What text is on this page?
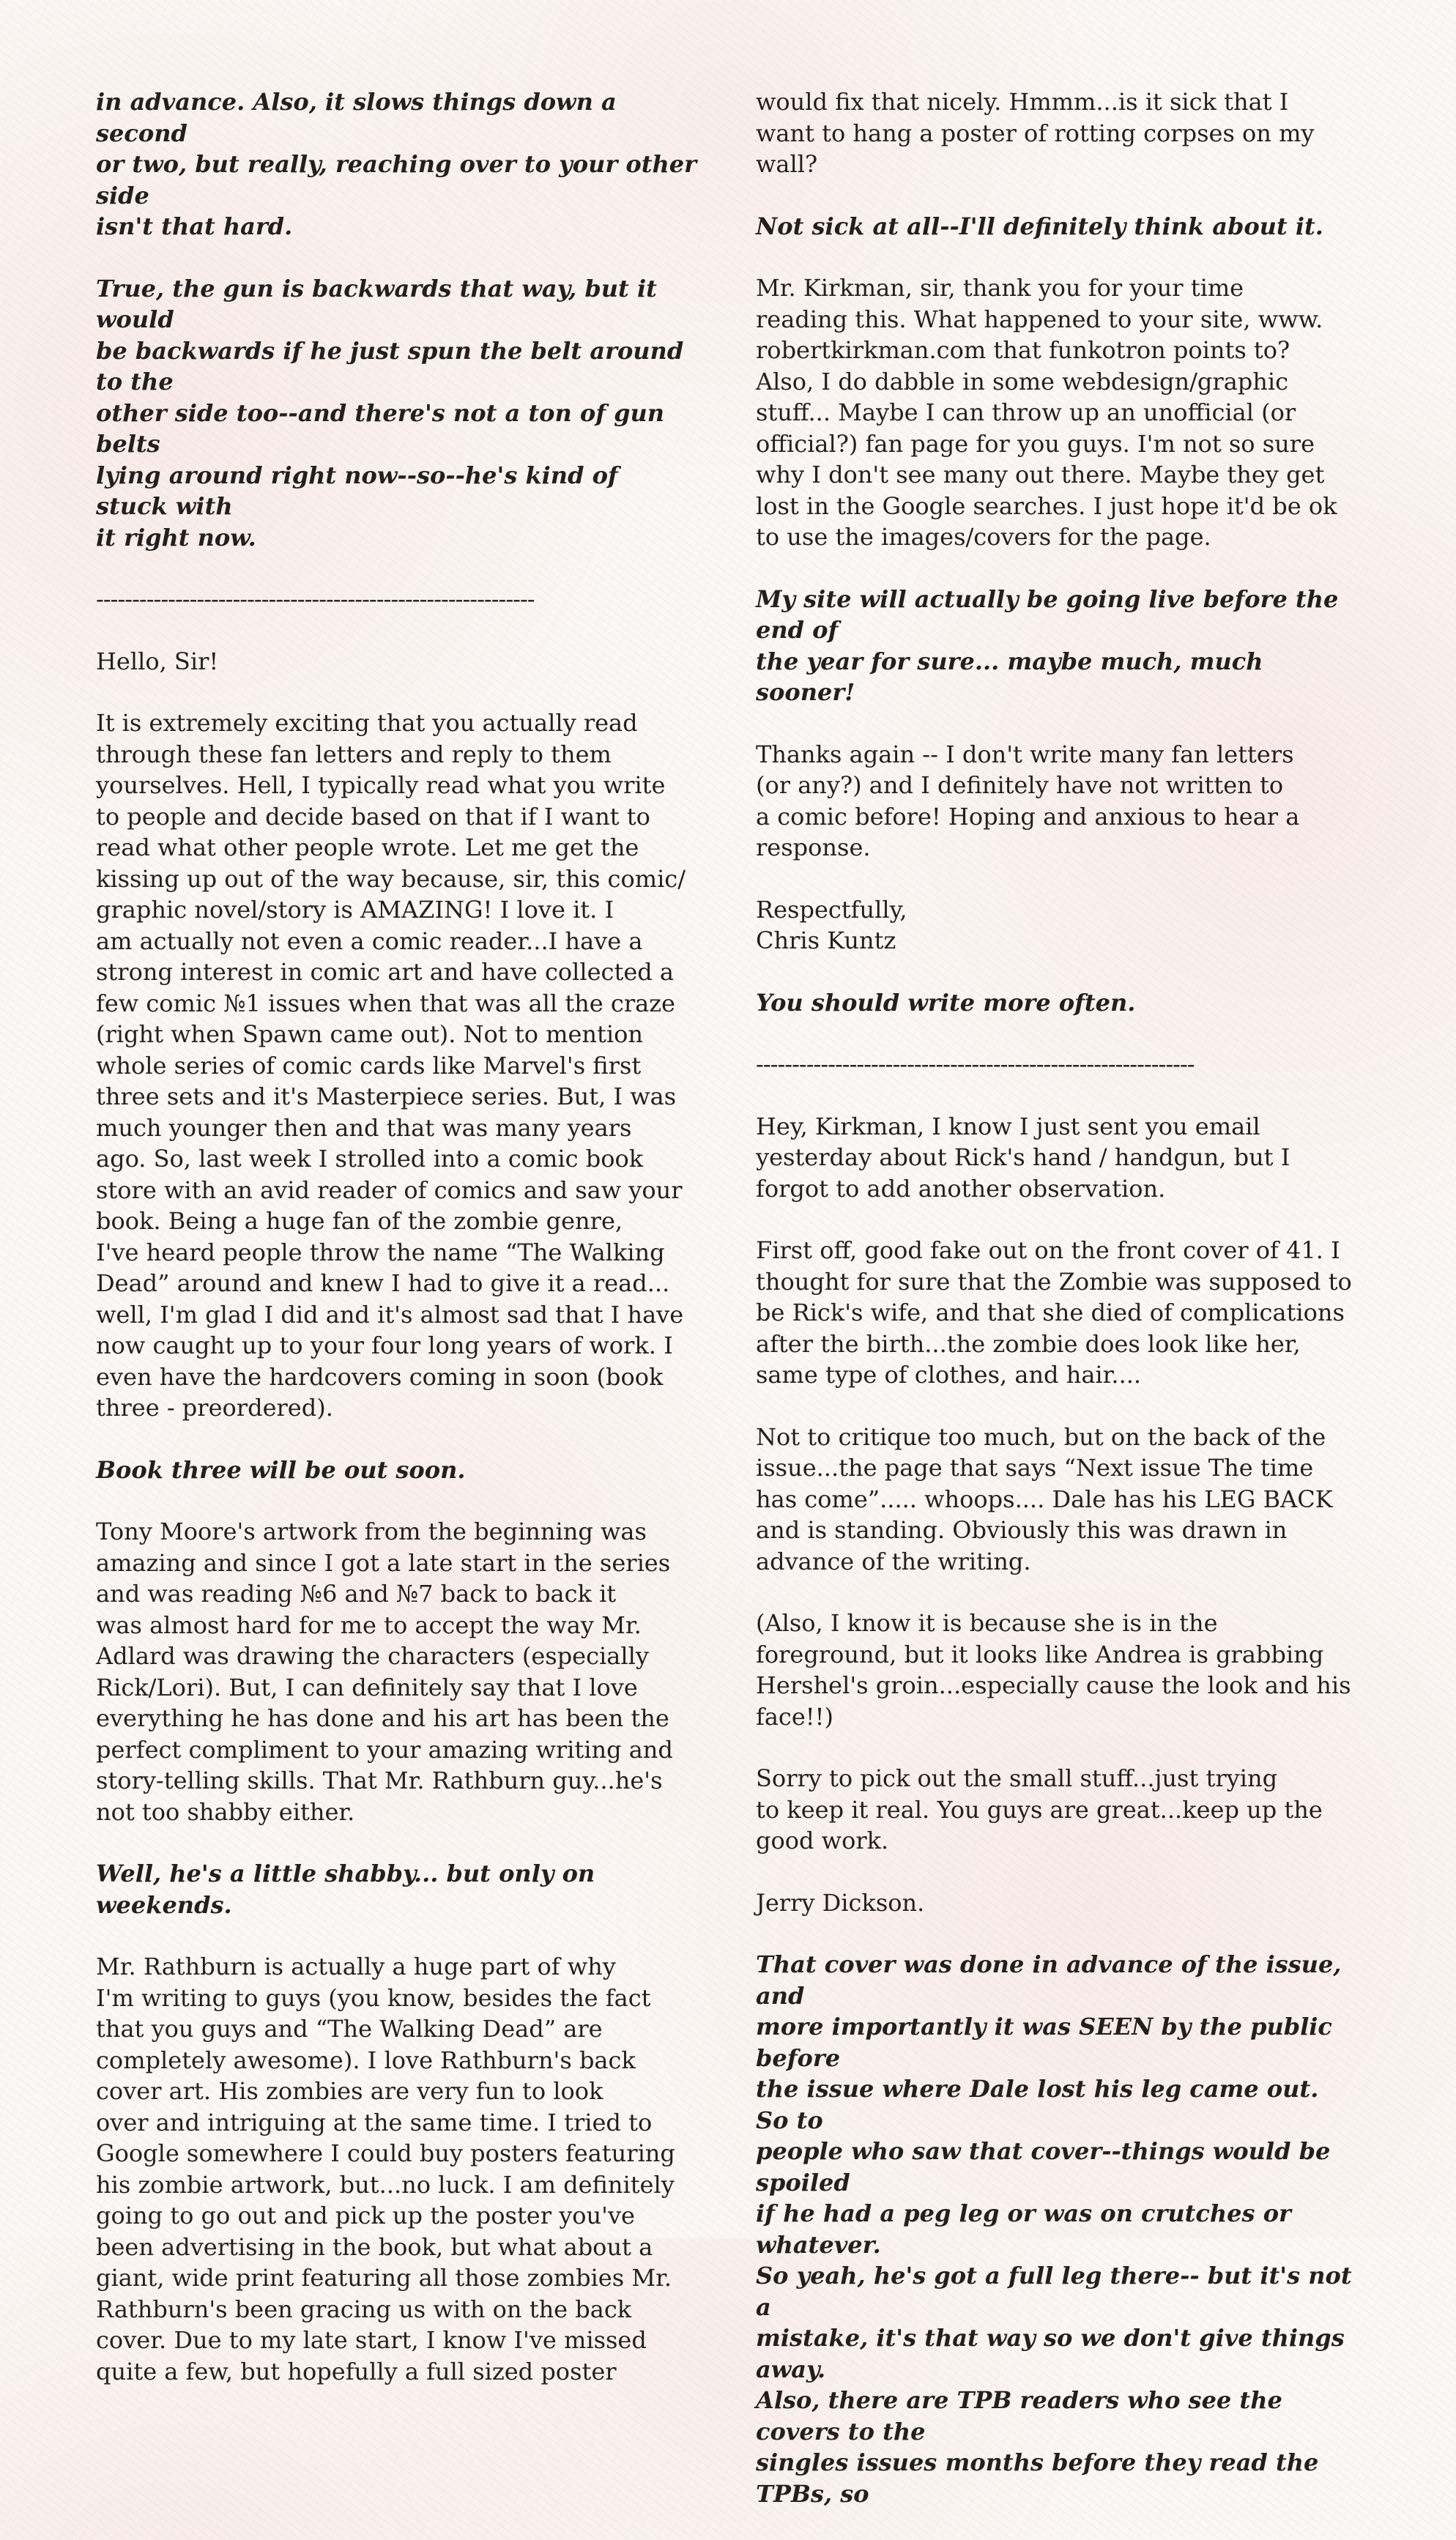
in advance. Also, it slows things down a second
or two, but really, reaching over to your other side
isn't that hard.

True, the gun is backwards that way, but it would
be backwards if he just spun the belt around to the
other side too--and there's not a ton of gun belts
lying around right now--so--he's kind of stuck with
it right now.

-------------------------------------------------------------

Hello, Sir!

It is extremely exciting that you actually read
through these fan letters and reply to them
yourselves. Hell, I typically read what you write
to people and decide based on that if I want to
read what other people wrote. Let me get the
kissing up out of the way because, sir, this comic/
graphic novel/story is AMAZING! I love it. I
am actually not even a comic reader...I have a
strong interest in comic art and have collected a
few comic №1 issues when that was all the craze
(right when Spawn came out). Not to mention
whole series of comic cards like Marvel's first
three sets and it's Masterpiece series. But, I was
much younger then and that was many years
ago. So, last week I strolled into a comic book
store with an avid reader of comics and saw your
book. Being a huge fan of the zombie genre,
I've heard people throw the name “The Walking
Dead” around and knew I had to give it a read...
well, I'm glad I did and it's almost sad that I have
now caught up to your four long years of work. I
even have the hardcovers coming in soon (book
three - preordered).

Book three will be out soon.

Tony Moore's artwork from the beginning was
amazing and since I got a late start in the series
and was reading №6 and №7 back to back it
was almost hard for me to accept the way Mr.
Adlard was drawing the characters (especially
Rick/Lori). But, I can definitely say that I love
everything he has done and his art has been the
perfect compliment to your amazing writing and
story-telling skills. That Mr. Rathburn guy...he's
not too shabby either.

Well, he's a little shabby... but only on weekends.

Mr. Rathburn is actually a huge part of why
I'm writing to guys (you know, besides the fact
that you guys and “The Walking Dead” are
completely awesome). I love Rathburn's back
cover art. His zombies are very fun to look
over and intriguing at the same time. I tried to
Google somewhere I could buy posters featuring
his zombie artwork, but...no luck. I am definitely
going to go out and pick up the poster you've
been advertising in the book, but what about a
giant, wide print featuring all those zombies Mr.
Rathburn's been gracing us with on the back
cover. Due to my late start, I know I've missed
quite a few, but hopefully a full sized poster

would fix that nicely. Hmmm...is it sick that I
want to hang a poster of rotting corpses on my
wall?

Not sick at all--I'll definitely think about it.

Mr. Kirkman, sir, thank you for your time
reading this. What happened to your site, www.
robertkirkman.com that funkotron points to?
Also, I do dabble in some webdesign/graphic
stuff... Maybe I can throw up an unofficial (or
official?) fan page for you guys. I'm not so sure
why I don't see many out there. Maybe they get
lost in the Google searches. I just hope it'd be ok
to use the images/covers for the page.

My site will actually be going live before the end of
the year for sure... maybe much, much sooner!

Thanks again -- I don't write many fan letters
(or any?) and I definitely have not written to
a comic before! Hoping and anxious to hear a
response.

Respectfully,
Chris Kuntz

You should write more often.

-------------------------------------------------------------

Hey, Kirkman, I know I just sent you email
yesterday about Rick's hand / handgun, but I
forgot to add another observation.

First off, good fake out on the front cover of 41. I
thought for sure that the Zombie was supposed to
be Rick's wife, and that she died of complications
after the birth...the zombie does look like her,
same type of clothes, and hair....

Not to critique too much, but on the back of the
issue...the page that says “Next issue The time
has come”..... whoops.... Dale has his LEG BACK
and is standing. Obviously this was drawn in
advance of the writing.

(Also, I know it is because she is in the
foreground, but it looks like Andrea is grabbing
Hershel's groin...especially cause the look and his
face!!)

Sorry to pick out the small stuff...just trying
to keep it real. You guys are great...keep up the
good work.

Jerry Dickson.

That cover was done in advance of the issue, and
more importantly it was SEEN by the public before
the issue where Dale lost his leg came out. So to
people who saw that cover--things would be spoiled
if he had a peg leg or was on crutches or whatever.
So yeah, he's got a full leg there-- but it's not a
mistake, it's that way so we don't give things away.
Also, there are TPB readers who see the covers to the
singles issues months before they read the TPBs, so
